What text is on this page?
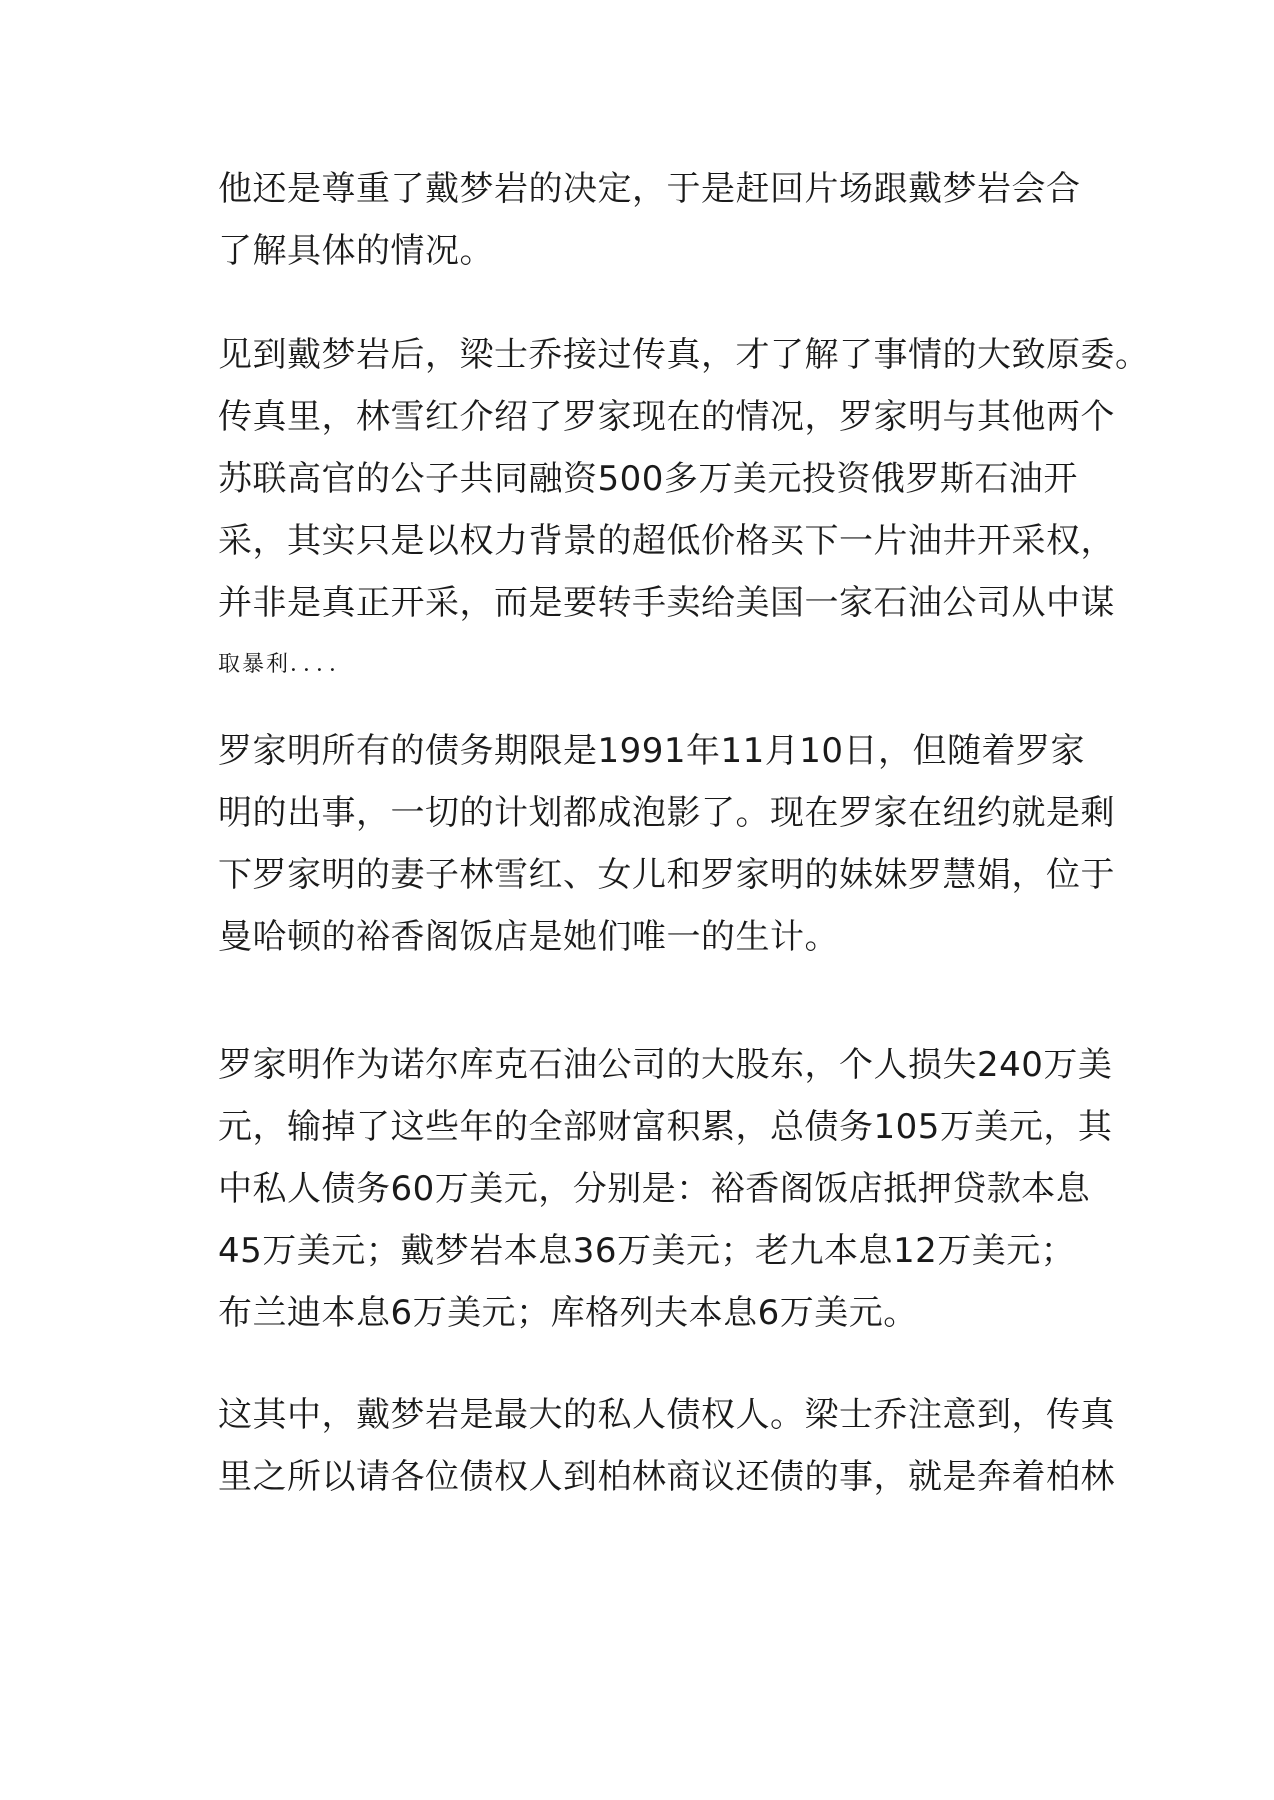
他还是尊重了戴梦岩的决定，于是赶回片场跟戴梦岩会合
了解具体的情况。
见到戴梦岩后，梁士乔接过传真，才了解了事情的大致原委。
传真里，林雪红介绍了罗家现在的情况，罗家明与其他两个
苏联高官的公子共同融资500多万美元投资俄罗斯石油开
采，其实只是以权力背景的超低价格买下一片油井开采权，
并非是真正开采，而是要转手卖给美国一家石油公司从中谋
取暴利．．．．
罗家明所有的债务期限是1991年11月10日，但随着罗家
明的出事，一切的计划都成泡影了。现在罗家在纽约就是剩
下罗家明的妻子林雪红、女儿和罗家明的妹妹罗慧娟，位于
曼哈顿的裕香阁饭店是她们唯一的生计。
罗家明作为诺尔库克石油公司的大股东，个人损失240万美
元，输掉了这些年的全部财富积累，总债务105万美元，其
中私人债务60万美元，分别是：裕香阁饭店抵押贷款本息
45万美元；戴梦岩本息36万美元；老九本息12万美元；
布兰迪本息6万美元；库格列夫本息6万美元。
这其中，戴梦岩是最大的私人债权人。梁士乔注意到，传真
里之所以请各位债权人到柏林商议还债的事，就是奔着柏林
